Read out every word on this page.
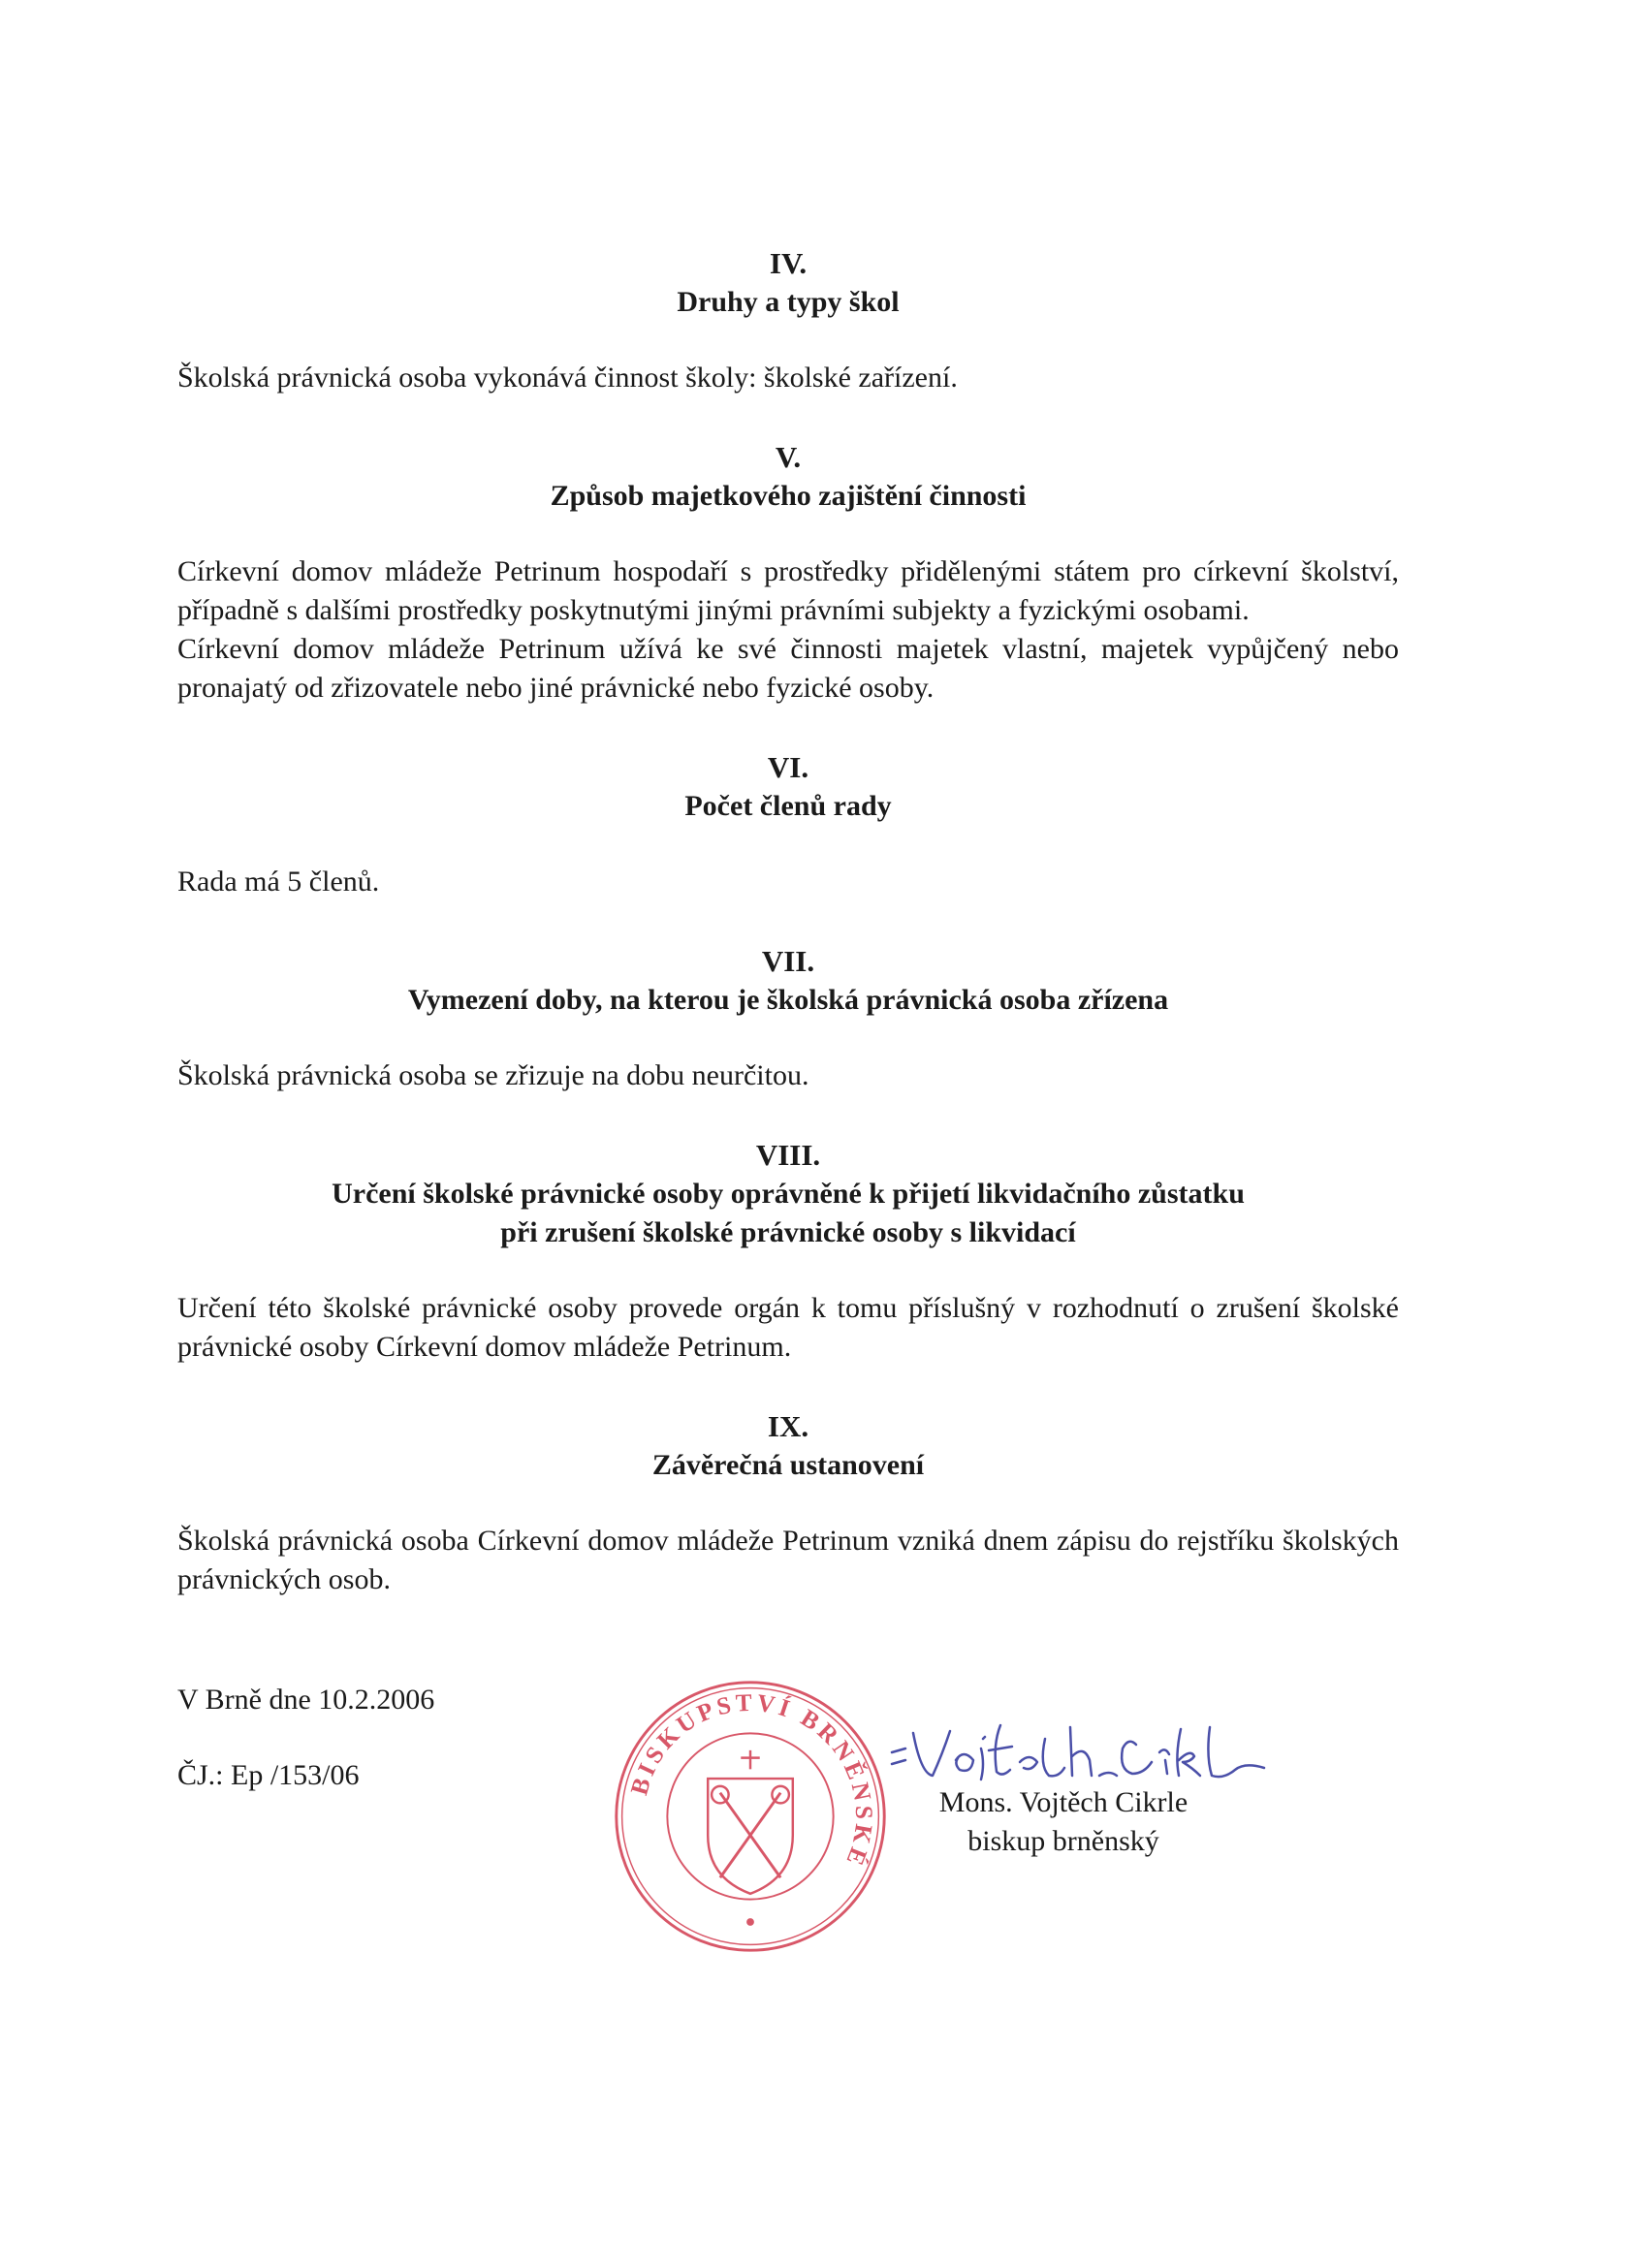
IV.
Druhy a typy škol

Školská právnická osoba vykonává činnost školy: školské zařízení.

V.
Způsob majetkového zajištění činnosti

Církevní domov mládeže Petrinum hospodaří s prostředky přidělenými státem pro církevní školství, případně s dalšími prostředky poskytnutými jinými právními subjekty a fyzickými osobami.

Církevní domov mládeže Petrinum užívá ke své činnosti majetek vlastní, majetek vypůjčený nebo pronajatý od zřizovatele nebo jiné právnické nebo fyzické osoby.

VI.
Počet členů rady

Rada má 5 členů.

VII.
Vymezení doby, na kterou je školská právnická osoba zřízena

Školská právnická osoba se zřizuje na dobu neurčitou.

VIII.
Určení školské právnické osoby oprávněné k přijetí likvidačního zůstatku
při zrušení školské právnické osoby s likvidací

Určení této školské právnické osoby provede orgán k tomu příslušný v rozhodnutí o zrušení školské právnické osoby Církevní domov mládeže Petrinum.

IX.
Závěrečná ustanovení

Školská právnická osoba Církevní domov mládeže Petrinum vzniká dnem zápisu do rejstříku školských právnických osob.

V Brně dne 10.2.2006
ČJ.: Ep /153/06	BISKUPSTVÍ BRNĚNSKÉ
Mons. Vojtěch Cikrle
biskup brněnský
